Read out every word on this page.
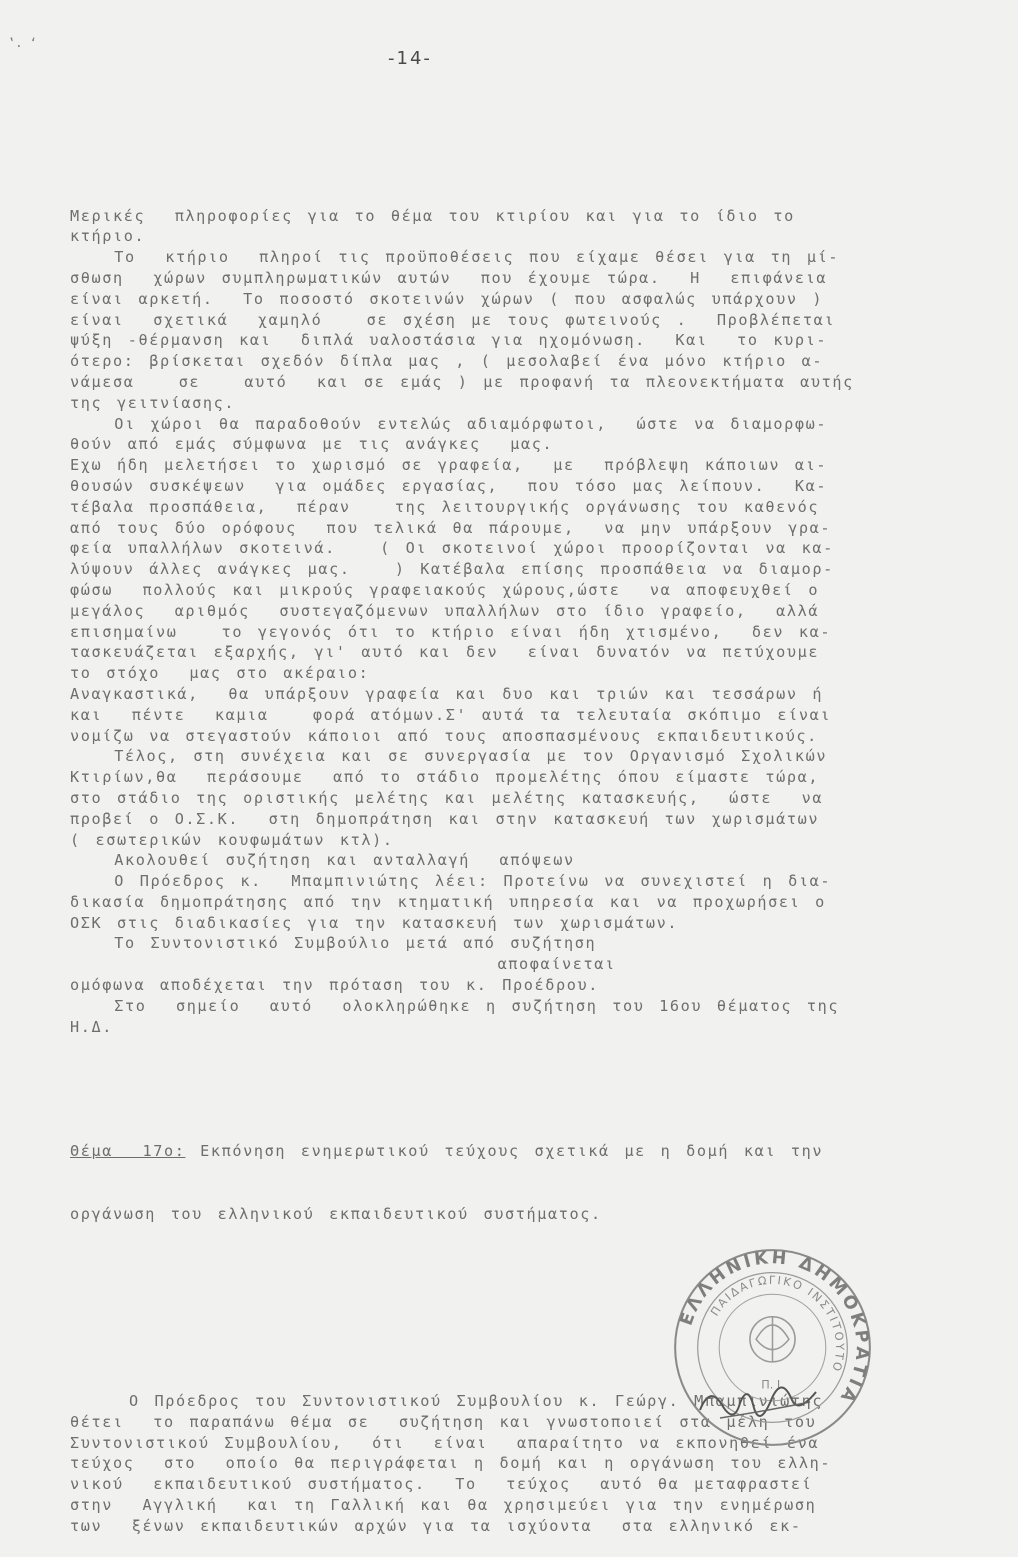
‛. ‘
-14-

Μερικές  πληροφορίες για το θέμα του κτιρίου και για το ίδιο το
κτήριο.
Το  κτήριο  πληροί τις προϋποθέσεις που είχαμε θέσει για τη μί-
σθωση  χώρων συμπληρωματικών αυτών  που έχουμε τώρα.  Η  επιφάνεια
είναι αρκετή.  Το ποσοστό σκοτεινών χώρων ( που ασφαλώς υπάρχουν )
είναι  σχετικά  χαμηλό   σε σχέση με τους φωτεινούς .  Προβλέπεται
ψύξη -θέρμανση και  διπλά υαλοστάσια για ηχομόνωση.  Και  το κυρι-
ότερο: βρίσκεται σχεδόν δίπλα μας , ( μεσολαβεί ένα μόνο κτήριο α-
νάμεσα   σε   αυτό  και σε εμάς ) με προφανή τα πλεονεκτήματα αυτής
της γειτνίασης.
Οι χώροι θα παραδοθούν εντελώς αδιαμόρφωτοι,  ώστε να διαμορφω-
θούν από εμάς σύμφωνα με τις ανάγκες  μας.
Εχω ήδη μελετήσει το χωρισμό σε γραφεία,  με  πρόβλεψη κάποιων αι-
θουσών συσκέψεων  για ομάδες εργασίας,  που τόσο μας λείπουν.  Κα-
τέβαλα προσπάθεια,  πέραν   της λειτουργικής οργάνωσης του καθενός
από τους δύο ορόφους  που τελικά θα πάρουμε,  να μην υπάρξουν γρα-
φεία υπαλλήλων σκοτεινά.   ( Οι σκοτεινοί χώροι προορίζονται να κα-
λύψουν άλλες ανάγκες μας.   ) Κατέβαλα επίσης προσπάθεια να διαμορ-
φώσω  πολλούς και μικρούς γραφειακούς χώρους,ώστε  να αποφευχθεί ο
μεγάλος  αριθμός  συστεγαζόμενων υπαλλήλων στο ίδιο γραφείο,  αλλά
επισημαίνω   το γεγονός ότι το κτήριο είναι ήδη χτισμένο,  δεν κα-
τασκευάζεται εξαρχής, γι' αυτό και δεν  είναι δυνατόν να πετύχουμε
το στόχο  μας στο ακέραιο:
Αναγκαστικά,  θα υπάρξουν γραφεία και δυο και τριών και τεσσάρων ή
και  πέντε  καμια   φορά ατόμων.Σ' αυτά τα τελευταία σκόπιμο είναι
νομίζω να στεγαστούν κάποιοι από τους αποσπασμένους εκπαιδευτικούς.
Τέλος, στη συνέχεια και σε συνεργασία με τον Οργανισμό Σχολικών
Κτιρίων,θα  περάσουμε  από το στάδιο προμελέτης όπου είμαστε τώρα,
στο στάδιο της οριστικής μελέτης και μελέτης κατασκευής,  ώστε  να
προβεί ο Ο.Σ.Κ.  στη δημοπράτηση και στην κατασκευή των χωρισμάτων
( εσωτερικών κουφωμάτων κτλ).
Ακολουθεί συζήτηση και ανταλλαγή  απόψεων
Ο Πρόεδρος κ.  Μπαμπινιώτης λέει: Προτείνω να συνεχιστεί η δια-
δικασία δημοπράτησης από την κτηματική υπηρεσία και να προχωρήσει ο
ΟΣΚ στις διαδικασίες για την κατασκευή των χωρισμάτων.
Το Συντονιστικό Συμβούλιο μετά από συζήτηση
αποφαίνεται
ομόφωνα αποδέχεται την πρόταση του κ. Προέδρου.
Στο  σημείο  αυτό  ολοκληρώθηκε η συζήτηση του 16ου θέματος της
Η.Δ.

Θέμα  17ο: Εκπόνηση ενημερωτικού τεύχους σχετικά με η δομή και την

οργάνωση του ελληνικού εκπαιδευτικού συστήματος.

Ο Πρόεδρος του Συντονιστικού Συμβουλίου κ. Γεώργ. Μπαμπινιώτης
θέτει  το παραπάνω θέμα σε  συζήτηση και γνωστοποιεί στα μέλη του
Συντονιστικού Συμβουλίου,  ότι  είναι  απαραίτητο να εκπονηθεί ένα
τεύχος  στο  οποίο θα περιγράφεται η δομή και η οργάνωση του ελλη-
νικού  εκπαιδευτικού συστήματος.  Το  τεύχος  αυτό θα μεταφραστεί
στην  Αγγλική  και τη Γαλλική και θα χρησιμεύει για την ενημέρωση
των  ξένων εκπαιδευτικών αρχών για τα ισχύοντα  στα ελληνικό εκ-

ΕΛΛΗΝΙΚΗ ΔΗΜΟΚΡΑΤΙΑ
ΠΑΙΔΑΓΩΓΙΚΟ ΙΝΣΤΙΤΟΥΤΟ
Π. Ι.
